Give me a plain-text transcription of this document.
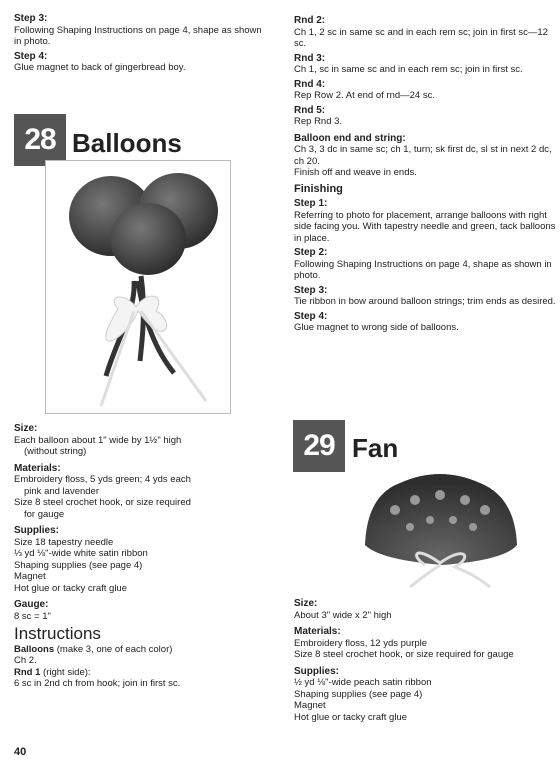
Step 3:

Following Shaping Instructions on page 4, shape as shown in photo.

Step 4:

Glue magnet to back of gingerbread boy.

28 Balloons
Size:

Each balloon about 1" wide by 1½" high

(without string)

Materials:

Embroidery floss, 5 yds green; 4 yds each

pink and lavender

Size 8 steel crochet hook, or size required

for gauge

Supplies:

Size 18 tapestry needle

⅓ yd ⅛"-wide white satin ribbon

Shaping supplies (see page 4)

Magnet

Hot glue or tacky craft glue

Gauge:

8 sc = 1"

Instructions

Balloons (make 3, one of each color)

Ch 2.

Rnd 1 (right side):

6 sc in 2nd ch from hook; join in first sc.

40
Rnd 2:

Ch 1, 2 sc in same sc and in each rem sc; join in first sc—12 sc.

Rnd 3:

Ch 1, sc in same sc and in each rem sc; join in first sc.

Rnd 4:

Rep Row 2. At end of rnd—24 sc.

Rnd 5:

Rep Rnd 3.

Balloon end and string:

Ch 3, 3 dc in same sc; ch 1, turn; sk first dc, sl st in next 2 dc, ch 20.

Finish off and weave in ends.

Finishing
Step 1:

Referring to photo for placement, arrange balloons with right side facing you. With tapestry needle and green, tack balloons in place.

Step 2:

Following Shaping Instructions on page 4, shape as shown in photo.

Step 3:

Tie ribbon in bow around balloon strings; trim ends as desired.

Step 4:

Glue magnet to wrong side of balloons.

29 Fan
Size:

About 3" wide x 2" high

Materials:

Embroidery floss, 12 yds purple

Size 8 steel crochet hook, or size required for gauge

Supplies:

½ yd ⅛"-wide peach satin ribbon

Shaping supplies (see page 4)

Magnet

Hot glue or tacky craft glue
